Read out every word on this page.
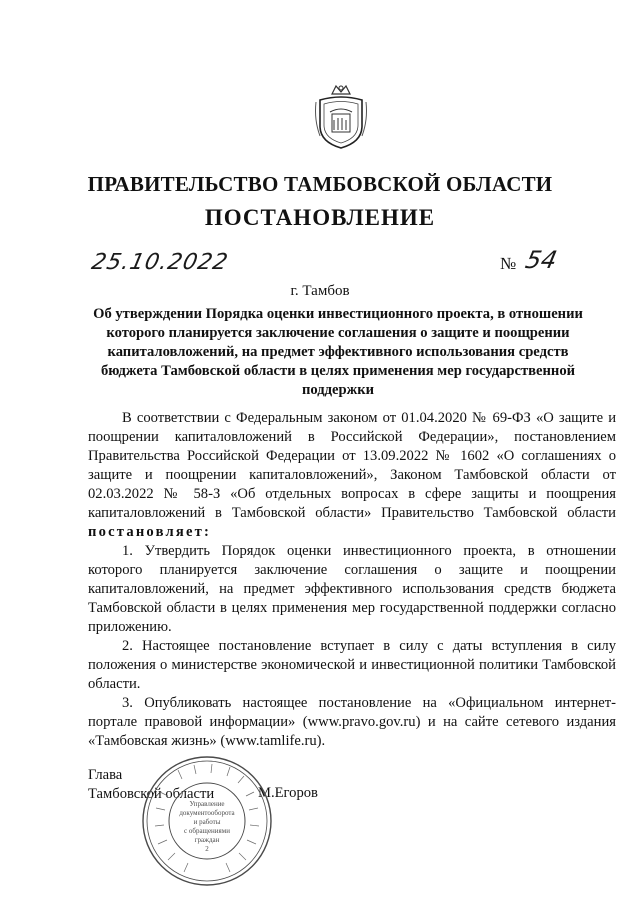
ПРАВИТЕЛЬСТВО ТАМБОВСКОЙ ОБЛАСТИ
ПОСТАНОВЛЕНИЕ
25.10.2022	№ 54
г. Тамбов
Об утверждении Порядка оценки инвестиционного проекта, в отношении которого планируется заключение соглашения о защите и поощрении капиталовложений, на предмет эффективного использования средств бюджета Тамбовской области в целях применения мер государственной поддержки

В соответствии с Федеральным законом от 01.04.2020 № 69-ФЗ «О защите и поощрении капиталовложений в Российской Федерации», постановлением Правительства Российской Федерации от 13.09.2022 № 1602 «О соглашениях о защите и поощрении капиталовложений», Законом Тамбовской области от 02.03.2022 № 58-З «Об отдельных вопросах в сфере защиты и поощрения капиталовложений в Тамбовской области» Правительство Тамбовской области постановляет:

1. Утвердить Порядок оценки инвестиционного проекта, в отношении которого планируется заключение соглашения о защите и поощрении капиталовложений, на предмет эффективного использования средств бюджета Тамбовской области в целях применения мер государственной поддержки согласно приложению.

2. Настоящее постановление вступает в силу с даты вступления в силу положения о министерстве экономической и инвестиционной политики Тамбовской области.

3. Опубликовать настоящее постановление на «Официальном интернет-портале правовой информации» (www.pravo.gov.ru) и на сайте сетевого издания «Тамбовская жизнь» (www.tamlife.ru).

Глава
Тамбовской области	М.Егоров
Управление
документооборота
и работы
с обращениями
граждан
2
